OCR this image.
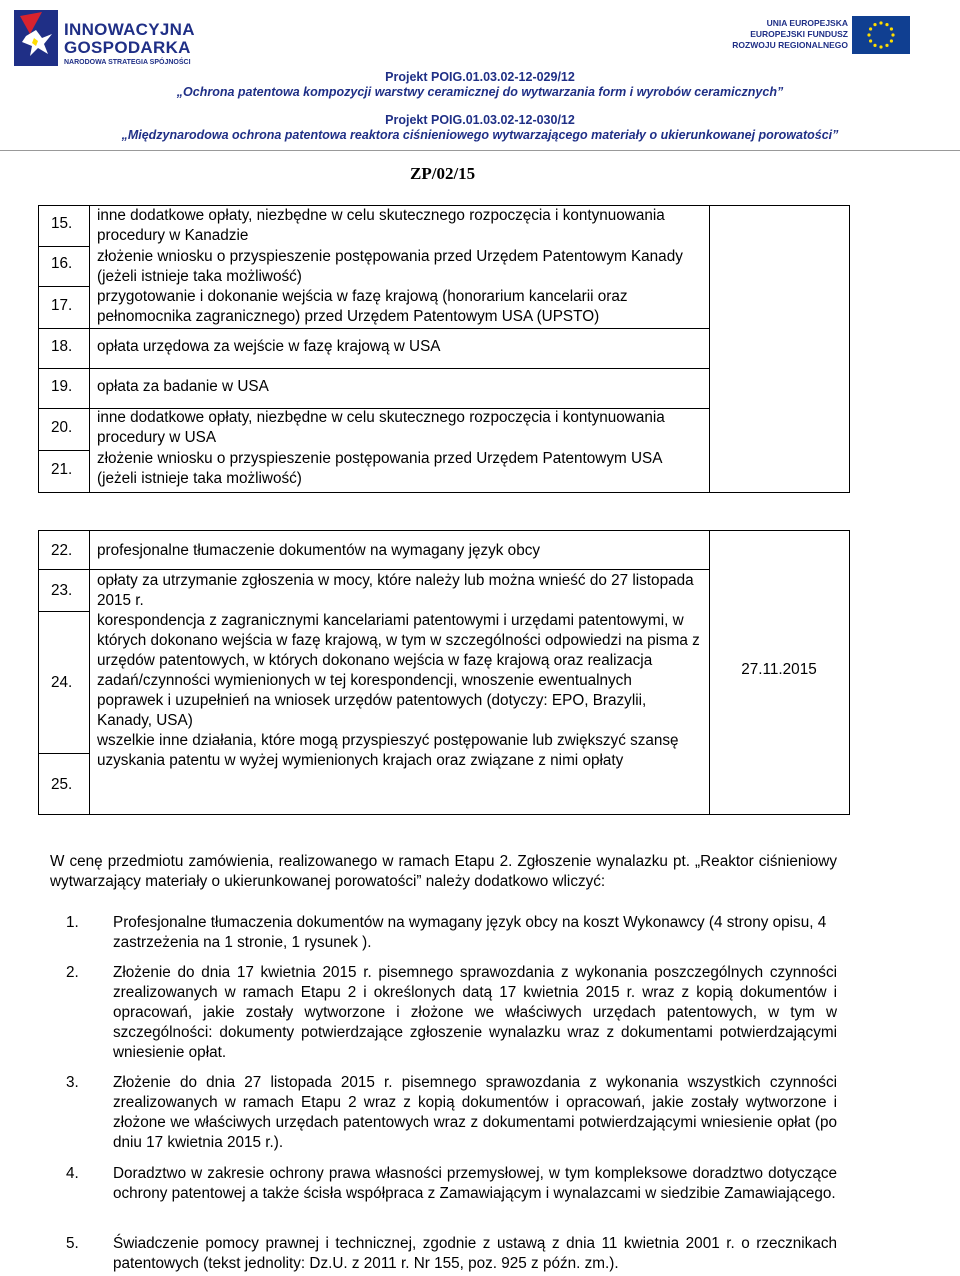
INNOWACYJNA
GOSPODARKA
NARODOWA STRATEGIA SPÓJNOŚCI
UNIA EUROPEJSKA
EUROPEJSKI FUNDUSZ
ROZWOJU REGIONALNEGO
Projekt POIG.01.03.02-12-029/12
„Ochrona patentowa kompozycji warstwy ceramicznej do wytwarzania form i wyrobów ceramicznych”
Projekt POIG.01.03.02-12-030/12
„Międzynarodowa ochrona patentowa reaktora ciśnieniowego wytwarzającego materiały o ukierunkowanej porowatości”
ZP/02/15
15.
16.
17.
inne dodatkowe opłaty, niezbędne w celu skutecznego rozpoczęcia i kontynuowania procedury w Kanadzie
złożenie wniosku o przyspieszenie postępowania przed Urzędem Patentowym Kanady (jeżeli istnieje taka możliwość)
przygotowanie i dokonanie wejścia w fazę krajową (honorarium kancelarii oraz pełnomocnika zagranicznego) przed Urzędem Patentowym USA (UPSTO)
18. opłata urzędowa za wejście w fazę krajową w USA
19. opłata za badanie w USA
20.
21.
inne dodatkowe opłaty, niezbędne w celu skutecznego rozpoczęcia i kontynuowania procedury w USA
złożenie wniosku o przyspieszenie postępowania przed Urzędem Patentowym USA (jeżeli istnieje taka możliwość)
22. profesjonalne tłumaczenie dokumentów na wymagany język obcy
23.
24.
25.
opłaty za utrzymanie zgłoszenia w mocy, które należy lub można wnieść do 27 listopada 2015 r.
korespondencja z zagranicznymi kancelariami patentowymi i urzędami patentowymi, w których dokonano wejścia w fazę krajową, w tym w szczególności odpowiedzi na pisma z urzędów patentowych, w których dokonano wejścia w fazę krajową oraz realizacja zadań/czynności wymienionych w tej korespondencji, wnoszenie ewentualnych poprawek i uzupełnień na wniosek urzędów patentowych (dotyczy: EPO, Brazylii, Kanady, USA)
wszelkie inne działania, które mogą przyspieszyć postępowanie lub zwiększyć szansę uzyskania patentu w wyżej wymienionych krajach oraz związane z nimi opłaty
27.11.2015
W cenę przedmiotu zamówienia, realizowanego w ramach Etapu 2. Zgłoszenie wynalazku pt. „Reaktor ciśnieniowy wytwarzający materiały o ukierunkowanej porowatości” należy dodatkowo wliczyć:
1. Profesjonalne tłumaczenia dokumentów na wymagany język obcy na koszt Wykonawcy (4 strony opisu, 4 zastrzeżenia na 1 stronie, 1 rysunek ).
2. Złożenie do dnia 17 kwietnia 2015 r. pisemnego sprawozdania z wykonania poszczególnych czynności zrealizowanych w ramach Etapu 2 i określonych datą 17 kwietnia 2015 r. wraz z kopią dokumentów i opracowań, jakie zostały wytworzone i złożone we właściwych urzędach patentowych, w tym w szczególności: dokumenty potwierdzające zgłoszenie wynalazku wraz z dokumentami potwierdzającymi wniesienie opłat.
3. Złożenie do dnia 27 listopada 2015 r. pisemnego sprawozdania z wykonania wszystkich czynności zrealizowanych w ramach Etapu 2 wraz z kopią dokumentów i opracowań, jakie zostały wytworzone i złożone we właściwych urzędach patentowych wraz z dokumentami potwierdzającymi wniesienie opłat (po dniu 17 kwietnia 2015 r.).
4. Doradztwo w zakresie ochrony prawa własności przemysłowej, w tym kompleksowe doradztwo dotyczące ochrony patentowej a także ścisła współpraca z Zamawiającym i wynalazcami w siedzibie Zamawiającego.
5. Świadczenie pomocy prawnej i technicznej, zgodnie z ustawą z dnia 11 kwietnia 2001 r. o rzecznikach patentowych (tekst jednolity: Dz.U. z 2011 r. Nr 155, poz. 925 z późn. zm.).
